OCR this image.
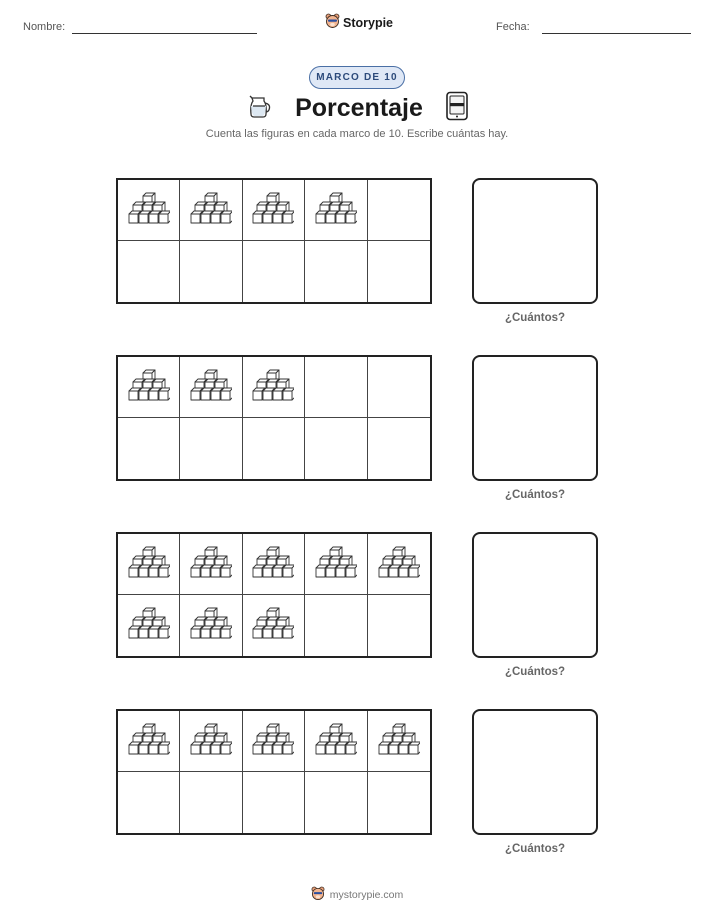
Nombre:	Storypie	Fecha:
MARCO DE 10
Porcentaje
Cuenta las figuras en cada marco de 10. Escribe cuántas hay.
¿Cuántos?
¿Cuántos?
¿Cuántos?
¿Cuántos?
mystorypie.com
